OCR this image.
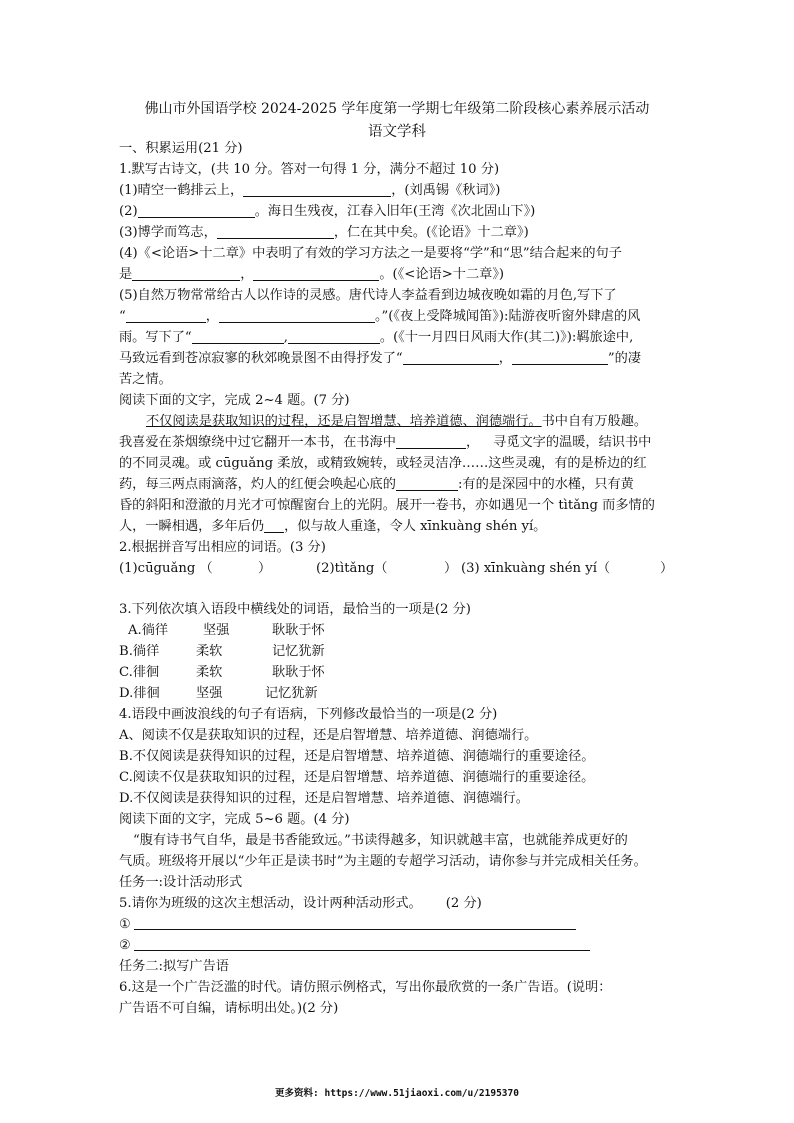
佛山市外国语学校 2024-2025 学年度第一学期七年级第二阶段核心素养展示活动
语文学科
一、积累运用(21 分)
1.默写古诗文，(共 10 分。答对一句得 1 分，满分不超过 10 分)
(1)晴空一鹤排云上，	，(刘禹锡《秋词》)
(2)	。海日生残夜，江春入旧年(王湾《次北固山下》)
(3)博学而笃志，	，仁在其中矣。(《论语》十二章》)
(4)《<论语>十二章》中表明了有效的学习方法之一是要将“学”和“思”结合起来的句子
是	，	。(《<论语>十二章》)
(5)自然万物常常给古人以作诗的灵感。唐代诗人李益看到边城夜晚如霜的月色,写下了
“	，	。”(《夜上受降城闻笛》):陆游夜听窗外肆虐的风
雨。写下了“	,	。(《十一月四日风雨大作(其二)》):羁旅途中,
马致远看到苍凉寂寥的秋郊晚景图不由得抒发了“	，	”的凄
苦之情。
阅读下面的文字，完成 2~4 题。(7 分)
不仅阅读是获取知识的过程，还是启智增慧、培养道德、润德端行。书中自有万般趣。
我喜爱在茶烟缭绕中过它翻开一本书，在书海中	， 寻觅文字的温暖，结识书中
的不同灵魂。或 cūguǎng 柔放，或精致婉转，或轻灵洁净……这些灵魂，有的是桥边的红
药，每三两点雨滴落，灼人的红便会唤起心底的	:有的是深园中的水槿，只有黄
昏的斜阳和澄澈的月光才可惊醒窗台上的光阴。展开一卷书，亦如遇见一个 tìtǎng 而多情的
人，一瞬相遇，多年后仍 ，似与故人重逢，令人 xīnkuàng shén yí。
2.根据拼音写出相应的词语。(3 分)
(1)cūguǎng （	）	(2)tìtǎng（	） (3) xīnkuàng shén yí（	）
3.下列依次填入语段中横线处的词语，最恰当的一项是(2 分)
A.徜徉	坚强	耿耿于怀
B.徜徉	柔软	记忆犹新
C.徘徊	柔软	耿耿于怀
D.徘徊	坚强	记忆犹新
4.语段中画波浪线的句子有语病，下列修改最恰当的一项是(2 分)
A、阅读不仅是获取知识的过程，还是启智增慧、培养道德、润德端行。
B.不仅阅读是获得知识的过程，还是启智增慧、培养道德、润德端行的重要途径。
C.阅读不仅是获取知识的过程，还是启智增慧、培养道德、润德端行的重要途径。
D.不仅阅读是获得知识的过程，还是启智增慧、培养道德、润德端行。
阅读下面的文字，完成 5~6 题。(4 分)
“腹有诗书气自华，最是书香能致远。”书读得越多，知识就越丰富，也就能养成更好的
气质。班级将开展以“少年正是读书时”为主题的专超学习活动，请你参与并完成相关任务。
任务一:设计活动形式
5.请你为班级的这次主想活动，设计两种活动形式。 (2 分)
①
②
任务二:拟写广告语
6.这是一个广告泛滥的时代。请仿照示例格式，写出你最欣赏的一条广告语。(说明：
广告语不可自编，请标明出处。)(2 分)
更多资料: https://www.51jiaoxi.com/u/2195370
